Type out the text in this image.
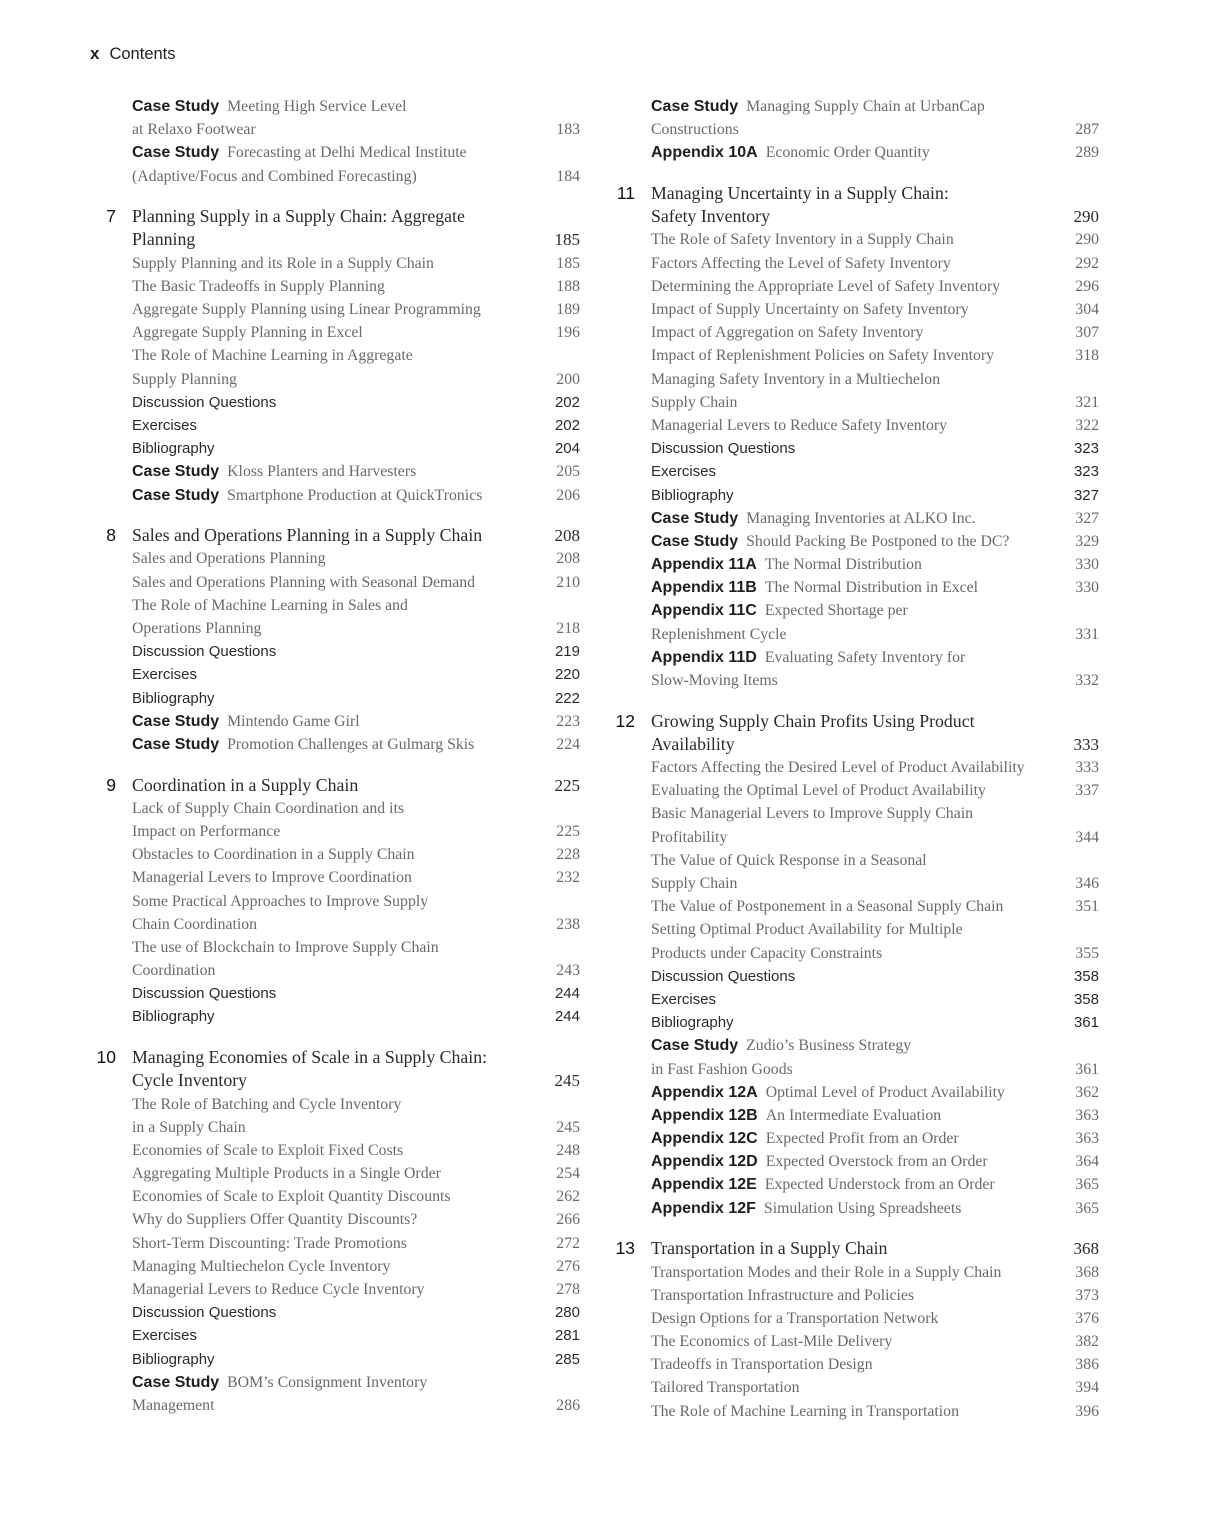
x Contents
Case Study Meeting High Service Level
at Relaxo Footwear	183
Case Study Forecasting at Delhi Medical Institute
(Adaptive/Focus and Combined Forecasting)	184
7 Planning Supply in a Supply Chain: Aggregate
Planning	185
Supply Planning and its Role in a Supply Chain	185
The Basic Tradeoffs in Supply Planning	188
Aggregate Supply Planning using Linear Programming	189
Aggregate Supply Planning in Excel	196
The Role of Machine Learning in Aggregate
Supply Planning	200
Discussion Questions	202
Exercises	202
Bibliography	204
Case Study Kloss Planters and Harvesters	205
Case Study Smartphone Production at QuickTronics	206
8 Sales and Operations Planning in a Supply Chain	208
Sales and Operations Planning	208
Sales and Operations Planning with Seasonal Demand	210
The Role of Machine Learning in Sales and
Operations Planning	218
Discussion Questions	219
Exercises	220
Bibliography	222
Case Study Mintendo Game Girl	223
Case Study Promotion Challenges at Gulmarg Skis	224
9 Coordination in a Supply Chain	225
Lack of Supply Chain Coordination and its
Impact on Performance	225
Obstacles to Coordination in a Supply Chain	228
Managerial Levers to Improve Coordination	232
Some Practical Approaches to Improve Supply
Chain Coordination	238
The use of Blockchain to Improve Supply Chain
Coordination	243
Discussion Questions	244
Bibliography	244
10 Managing Economies of Scale in a Supply Chain:
Cycle Inventory	245
The Role of Batching and Cycle Inventory
in a Supply Chain	245
Economies of Scale to Exploit Fixed Costs	248
Aggregating Multiple Products in a Single Order	254
Economies of Scale to Exploit Quantity Discounts	262
Why do Suppliers Offer Quantity Discounts?	266
Short-Term Discounting: Trade Promotions	272
Managing Multiechelon Cycle Inventory	276
Managerial Levers to Reduce Cycle Inventory	278
Discussion Questions	280
Exercises	281
Bibliography	285
Case Study BOM’s Consignment Inventory
Management	286
Case Study Managing Supply Chain at UrbanCap
Constructions	287
Appendix 10A Economic Order Quantity	289
11 Managing Uncertainty in a Supply Chain:
Safety Inventory	290
The Role of Safety Inventory in a Supply Chain	290
Factors Affecting the Level of Safety Inventory	292
Determining the Appropriate Level of Safety Inventory	296
Impact of Supply Uncertainty on Safety Inventory	304
Impact of Aggregation on Safety Inventory	307
Impact of Replenishment Policies on Safety Inventory	318
Managing Safety Inventory in a Multiechelon
Supply Chain	321
Managerial Levers to Reduce Safety Inventory	322
Discussion Questions	323
Exercises	323
Bibliography	327
Case Study Managing Inventories at ALKO Inc.	327
Case Study Should Packing Be Postponed to the DC?	329
Appendix 11A The Normal Distribution	330
Appendix 11B The Normal Distribution in Excel	330
Appendix 11C Expected Shortage per
Replenishment Cycle	331
Appendix 11D Evaluating Safety Inventory for
Slow-Moving Items	332
12 Growing Supply Chain Profits Using Product
Availability	333
Factors Affecting the Desired Level of Product Availability	333
Evaluating the Optimal Level of Product Availability	337
Basic Managerial Levers to Improve Supply Chain
Profitability	344
The Value of Quick Response in a Seasonal
Supply Chain	346
The Value of Postponement in a Seasonal Supply Chain	351
Setting Optimal Product Availability for Multiple
Products under Capacity Constraints	355
Discussion Questions	358
Exercises	358
Bibliography	361
Case Study Zudio’s Business Strategy
in Fast Fashion Goods	361
Appendix 12A Optimal Level of Product Availability	362
Appendix 12B An Intermediate Evaluation	363
Appendix 12C Expected Profit from an Order	363
Appendix 12D Expected Overstock from an Order	364
Appendix 12E Expected Understock from an Order	365
Appendix 12F Simulation Using Spreadsheets	365
13 Transportation in a Supply Chain	368
Transportation Modes and their Role in a Supply Chain	368
Transportation Infrastructure and Policies	373
Design Options for a Transportation Network	376
The Economics of Last-Mile Delivery	382
Tradeoffs in Transportation Design	386
Tailored Transportation	394
The Role of Machine Learning in Transportation	396
